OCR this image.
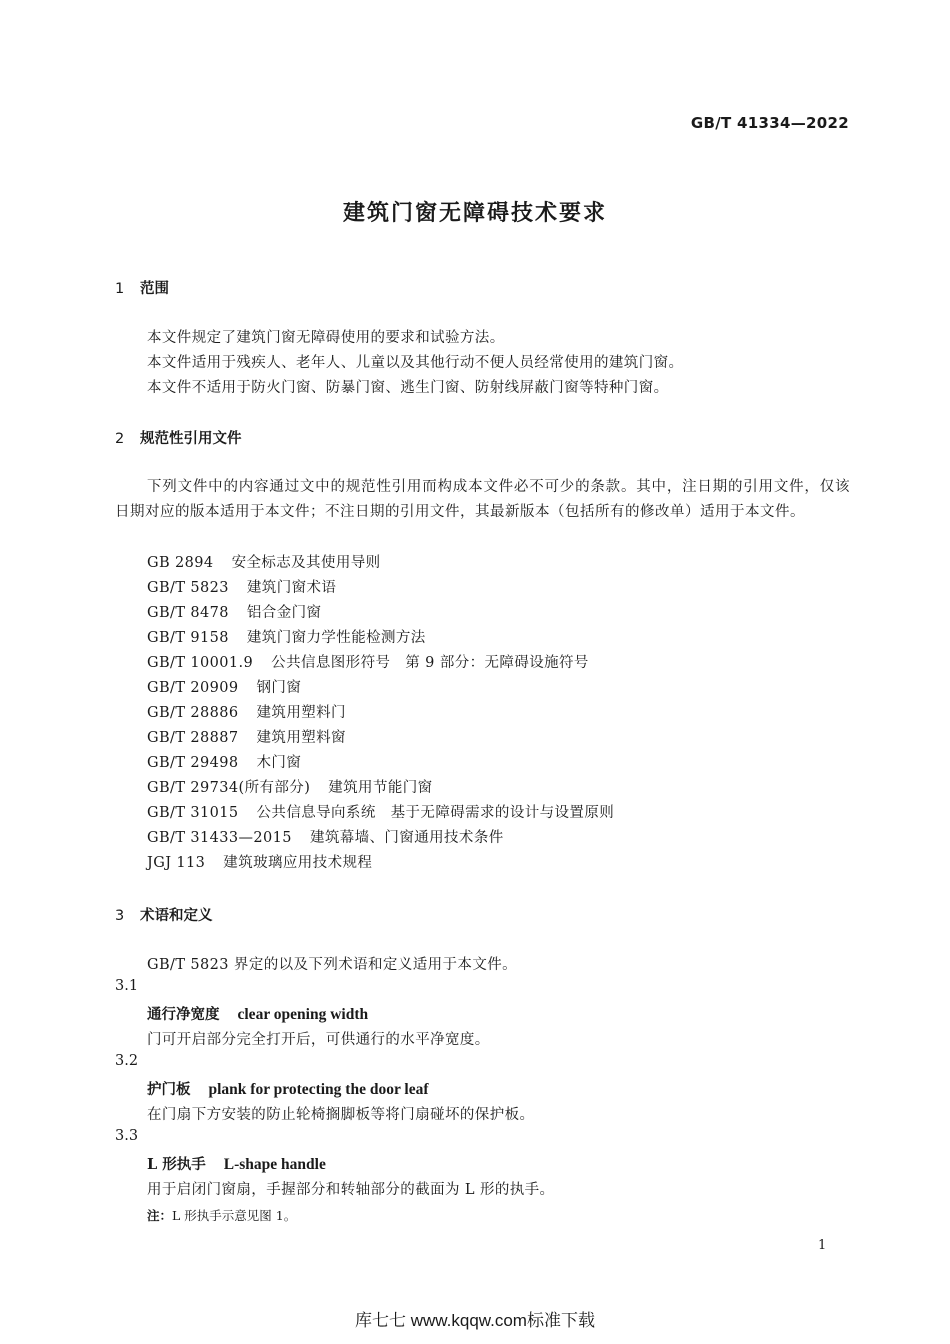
GB/T 41334—2022
建筑门窗无障碍技术要求
1 范围
本文件规定了建筑门窗无障碍使用的要求和试验方法。
本文件适用于残疾人、老年人、儿童以及其他行动不便人员经常使用的建筑门窗。
本文件不适用于防火门窗、防暴门窗、逃生门窗、防射线屏蔽门窗等特种门窗。
2 规范性引用文件
下列文件中的内容通过文中的规范性引用而构成本文件必不可少的条款。其中，注日期的引用文件，仅该日期对应的版本适用于本文件；不注日期的引用文件，其最新版本（包括所有的修改单）适用于本文件。
GB 2894 安全标志及其使用导则
GB/T 5823 建筑门窗术语
GB/T 8478 铝合金门窗
GB/T 9158 建筑门窗力学性能检测方法
GB/T 10001.9 公共信息图形符号　第 9 部分：无障碍设施符号
GB/T 20909 钢门窗
GB/T 28886 建筑用塑料门
GB/T 28887 建筑用塑料窗
GB/T 29498 木门窗
GB/T 29734(所有部分) 建筑用节能门窗
GB/T 31015 公共信息导向系统　基于无障碍需求的设计与设置原则
GB/T 31433—2015 建筑幕墙、门窗通用技术条件
JGJ 113 建筑玻璃应用技术规程
3 术语和定义
GB/T 5823 界定的以及下列术语和定义适用于本文件。
3.1
通行净宽度 clear opening width
门可开启部分完全打开后，可供通行的水平净宽度。
3.2
护门板 plank for protecting the door leaf
在门扇下方安装的防止轮椅搁脚板等将门扇碰坏的保护板。
3.3
L 形执手 L-shape handle
用于启闭门窗扇，手握部分和转轴部分的截面为 L 形的执手。
注：L 形执手示意见图 1。
1
库七七 www.kqqw.com标准下载
